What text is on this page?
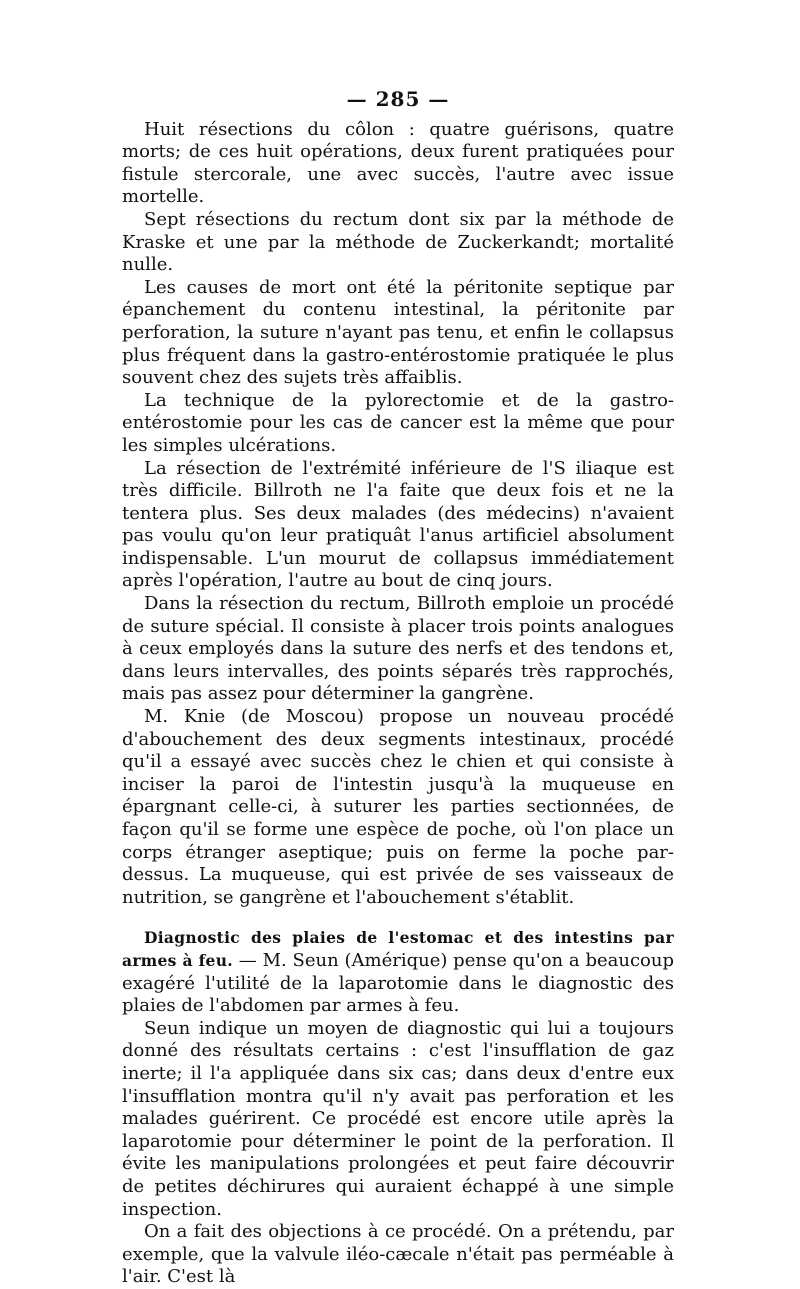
— 285 —

Huit résections du côlon : quatre guérisons, quatre morts; de ces huit opérations, deux furent pratiquées pour fistule stercorale, une avec succès, l'autre avec issue mortelle.

Sept résections du rectum dont six par la méthode de Kraske et une par la méthode de Zuckerkandt; mortalité nulle.

Les causes de mort ont été la péritonite septique par épanchement du contenu intestinal, la péritonite par perforation, la suture n'ayant pas tenu, et enfin le collapsus plus fréquent dans la gastro-entérostomie pratiquée le plus souvent chez des sujets très affaiblis.

La technique de la pylorectomie et de la gastro-entérostomie pour les cas de cancer est la même que pour les simples ulcérations.

La résection de l'extrémité inférieure de l'S iliaque est très difficile. Billroth ne l'a faite que deux fois et ne la tentera plus. Ses deux malades (des médecins) n'avaient pas voulu qu'on leur pratiquât l'anus artificiel absolument indispensable. L'un mourut de collapsus immédiatement après l'opération, l'autre au bout de cinq jours.

Dans la résection du rectum, Billroth emploie un procédé de suture spécial. Il consiste à placer trois points analogues à ceux employés dans la suture des nerfs et des tendons et, dans leurs intervalles, des points séparés très rapprochés, mais pas assez pour déterminer la gangrène.

M. Knie (de Moscou) propose un nouveau procédé d'abouchement des deux segments intestinaux, procédé qu'il a essayé avec succès chez le chien et qui consiste à inciser la paroi de l'intestin jusqu'à la muqueuse en épargnant celle-ci, à suturer les parties sectionnées, de façon qu'il se forme une espèce de poche, où l'on place un corps étranger aseptique; puis on ferme la poche par-dessus. La muqueuse, qui est privée de ses vaisseaux de nutrition, se gangrène et l'abouchement s'établit.

Diagnostic des plaies de l'estomac et des intestins par armes à feu. — M. Seun (Amérique) pense qu'on a beaucoup exagéré l'utilité de la laparotomie dans le diagnostic des plaies de l'abdomen par armes à feu.

Seun indique un moyen de diagnostic qui lui a toujours donné des résultats certains : c'est l'insufflation de gaz inerte; il l'a appliquée dans six cas; dans deux d'entre eux l'insufflation montra qu'il n'y avait pas perforation et les malades guérirent. Ce procédé est encore utile après la laparotomie pour déterminer le point de la perforation. Il évite les manipulations prolongées et peut faire découvrir de petites déchirures qui auraient échappé à une simple inspection.

On a fait des objections à ce procédé. On a prétendu, par exemple, que la valvule iléo-cæcale n'était pas perméable à l'air. C'est là
